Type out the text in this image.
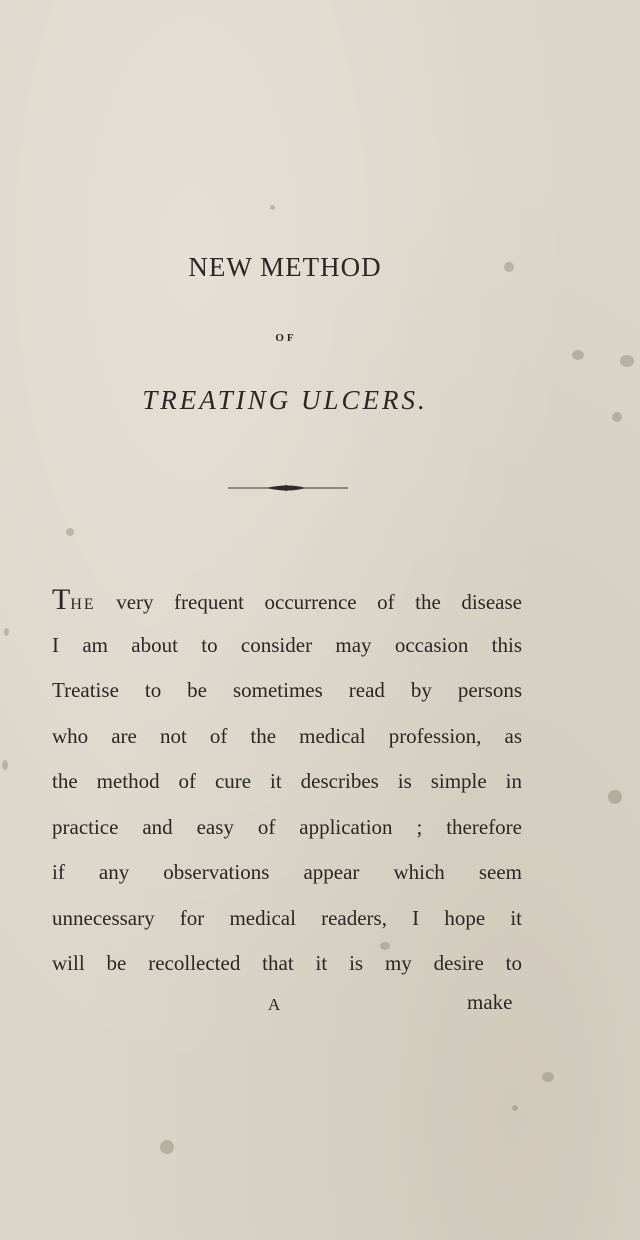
NEW METHOD
OF
TREATING ULCERS.
THE very frequent occurrence of the disease
I am about to consider may occasion this
Treatise to be sometimes read by persons
who are not of the medical profession, as
the method of cure it describes is simple in
practice and easy of application ; therefore
if any observations appear which seem
unnecessary for medical readers, I hope it
will be recollected that it is my desire to
A	make
